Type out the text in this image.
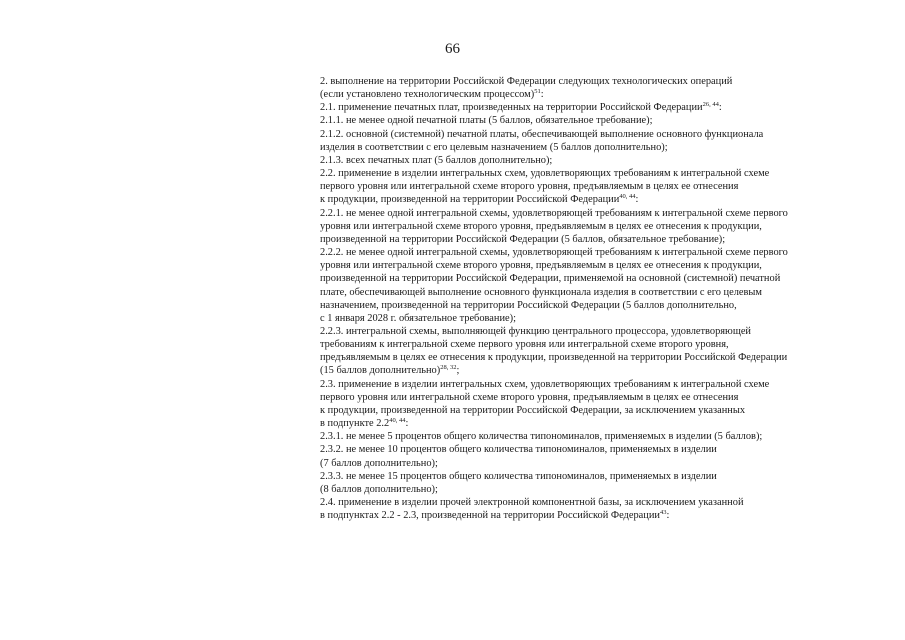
66

2. выполнение на территории Российской Федерации следующих технологических операций

(если установлено технологическим процессом)$^{51}$:

2.1. применение печатных плат, произведенных на территории Российской Федерации$^{26, 44}$:

2.1.1. не менее одной печатной платы (5 баллов, обязательное требование);

2.1.2. основной (системной) печатной платы, обеспечивающей выполнение основного функционала

изделия в соответствии с его целевым назначением (5 баллов дополнительно);

2.1.3. всех печатных плат (5 баллов дополнительно);

2.2. применение в изделии интегральных схем, удовлетворяющих требованиям к интегральной схеме

первого уровня или интегральной схеме второго уровня, предъявляемым в целях ее отнесения

к продукции, произведенной на территории Российской Федерации$^{40, 44}$:

2.2.1. не менее одной интегральной схемы, удовлетворяющей требованиям к интегральной схеме первого

уровня или интегральной схеме второго уровня, предъявляемым в целях ее отнесения к продукции,

произведенной на территории Российской Федерации (5 баллов, обязательное требование);

2.2.2. не менее одной интегральной схемы, удовлетворяющей требованиям к интегральной схеме первого

уровня или интегральной схеме второго уровня, предъявляемым в целях ее отнесения к продукции,

произведенной на территории Российской Федерации, применяемой на основной (системной) печатной

плате, обеспечивающей выполнение основного функционала изделия в соответствии с его целевым

назначением, произведенной на территории Российской Федерации (5 баллов дополнительно,

с 1 января 2028 г. обязательное требование);

2.2.3. интегральной схемы, выполняющей функцию центрального процессора, удовлетворяющей

требованиям к интегральной схеме первого уровня или интегральной схеме второго уровня,

предъявляемым в целях ее отнесения к продукции, произведенной на территории Российской Федерации

(15 баллов дополнительно)$^{28, 32}$;

2.3. применение в изделии интегральных схем, удовлетворяющих требованиям к интегральной схеме

первого уровня или интегральной схеме второго уровня, предъявляемым в целях ее отнесения

к продукции, произведенной на территории Российской Федерации, за исключением указанных

в подпункте 2.2$^{40, 44}$:

2.3.1. не менее 5 процентов общего количества типономиналов, применяемых в изделии (5 баллов);

2.3.2. не менее 10 процентов общего количества типономиналов, применяемых в изделии

(7 баллов дополнительно);

2.3.3. не менее 15 процентов общего количества типономиналов, применяемых в изделии

(8 баллов дополнительно);

2.4. применение в изделии прочей электронной компонентной базы, за исключением указанной

в подпунктах 2.2 - 2.3, произведенной на территории Российской Федерации$^{43}$:
